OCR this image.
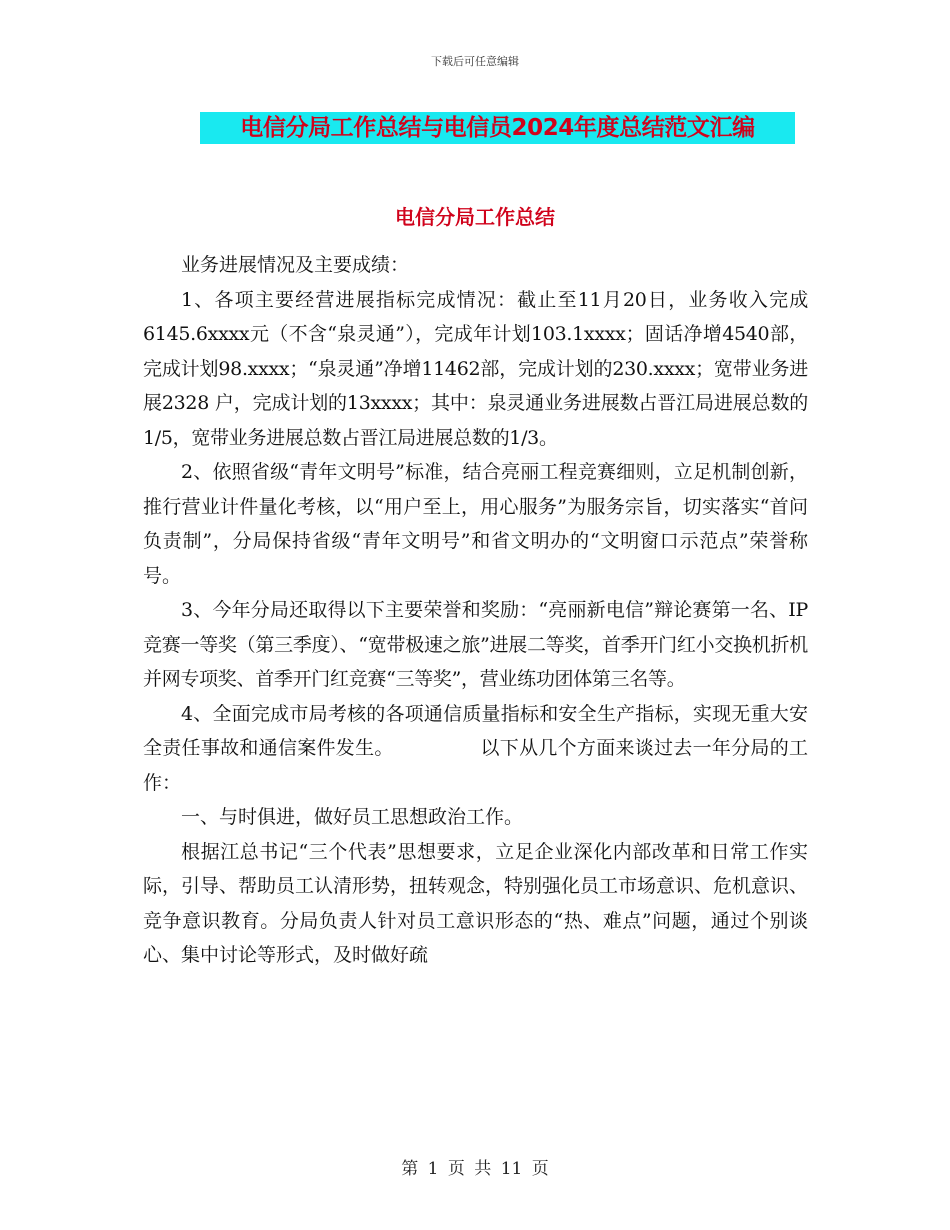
下载后可任意编辑
电信分局工作总结与电信员2024年度总结范文汇编
电信分局工作总结

业务进展情况及主要成绩：

1、各项主要经营进展指标完成情况：截止至11月20日，业务收入完成6145.6xxxx元（不含“泉灵通”），完成年计划103.1xxxx；固话净增4540部，完成计划98.xxxx；“泉灵通”净增11462部，完成计划的230.xxxx；宽带业务进展2328 户，完成计划的13xxxx；其中：泉灵通业务进展数占晋江局进展总数的1/5，宽带业务进展总数占晋江局进展总数的1/3。

2、依照省级“青年文明号”标准，结合亮丽工程竞赛细则，立足机制创新，推行营业计件量化考核，以“用户至上，用心服务”为服务宗旨，切实落实“首问负责制”，分局保持省级“青年文明号”和省文明办的“文明窗口示范点”荣誉称号。

3、今年分局还取得以下主要荣誉和奖励：“亮丽新电信”辩论赛第一名、IP竞赛一等奖（第三季度）、“宽带极速之旅”进展二等奖，首季开门红小交换机折机并网专项奖、首季开门红竞赛“三等奖”，营业练功团体第三名等。

4、全面完成市局考核的各项通信质量指标和安全生产指标，实现无重大安全责任事故和通信案件发生。　　　　　以下从几个方面来谈过去一年分局的工作：

一、与时俱进，做好员工思想政治工作。

根据江总书记“三个代表”思想要求，立足企业深化内部改革和日常工作实际，引导、帮助员工认清形势，扭转观念，特别强化员工市场意识、危机意识、竞争意识教育。分局负责人针对员工意识形态的“热、难点”问题，通过个别谈心、集中讨论等形式，及时做好疏

第 1 页 共 11 页
